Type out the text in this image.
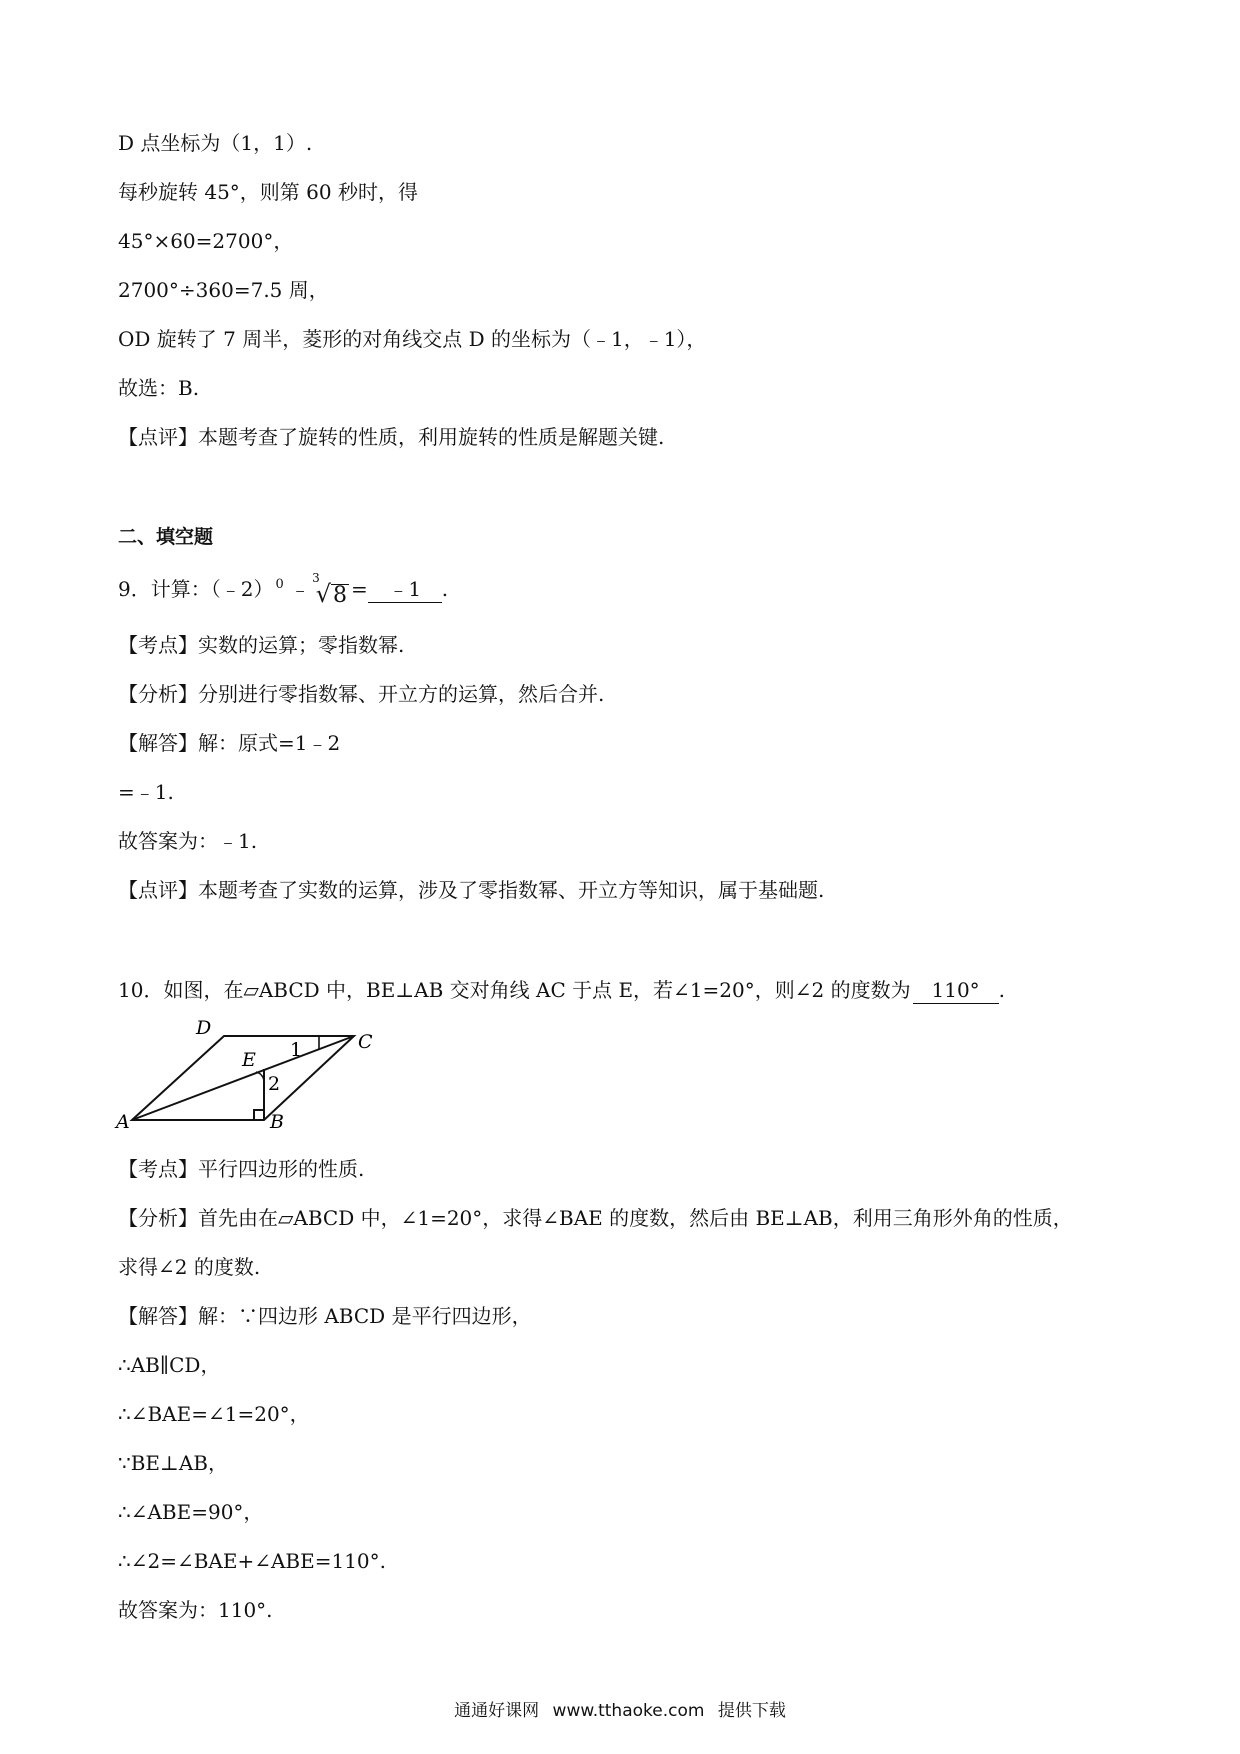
D 点坐标为（1，1）.
每秒旋转 45°，则第 60 秒时，得
45°×60=2700°，
2700°÷360=7.5 周，
OD 旋转了 7 周半，菱形的对角线交点 D 的坐标为（﹣1，﹣1），
故选：B.
【点评】本题考查了旋转的性质，利用旋转的性质是解题关键.
二、填空题
9．计算：（﹣2） $^0$ ﹣ 3
√ 8 = ﹣1 .
【考点】实数的运算；零指数幂.
【分析】分别进行零指数幂、开立方的运算，然后合并.
【解答】解：原式=1﹣2
=﹣1.
故答案为：﹣1.
【点评】本题考查了实数的运算，涉及了零指数幂、开立方等知识，属于基础题.
10．如图，在▱ABCD 中，BE⊥AB 交对角线 AC 于点 E，若∠1=20°，则∠2 的度数为 110° .
D
C
E
A	B
1
2
【考点】平行四边形的性质.
【分析】首先由在▱ABCD 中，∠1=20°，求得∠BAE 的度数，然后由 BE⊥AB，利用三角形外角的性质，
求得∠2 的度数.
【解答】解：∵四边形 ABCD 是平行四边形，
∴AB∥CD，
∴∠BAE=∠1=20°，
∵BE⊥AB，
∴∠ABE=90°，
∴∠2=∠BAE+∠ABE=110°.
故答案为：110°.
通通好课网 www.tthaoke.com 提供下载
